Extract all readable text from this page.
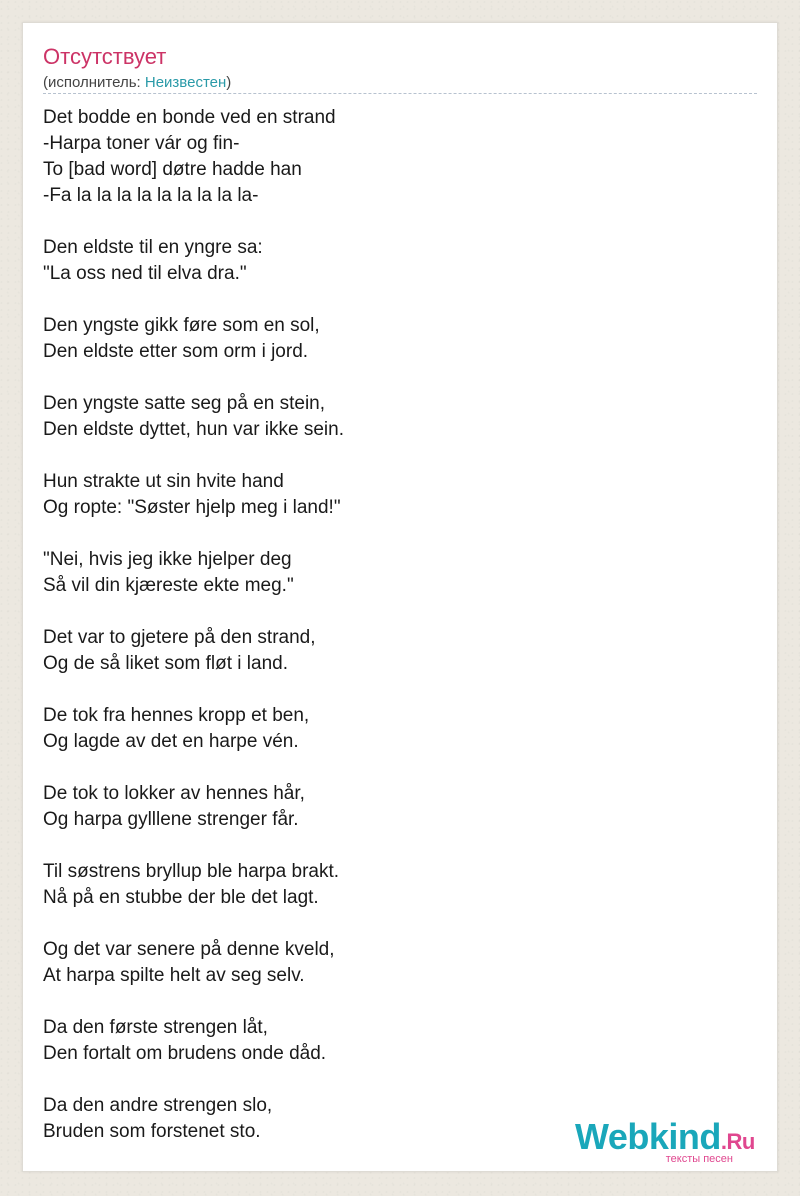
Отсутствует
(исполнитель: Неизвестен)
Det bodde en bonde ved en strand
-Harpa toner vár og fin-
To [bad word] døtre hadde han
-Fa la la la la la la la la la-
Den eldste til en yngre sa:
"La oss ned til elva dra."
Den yngste gikk føre som en sol,
Den eldste etter som orm i jord.
Den yngste satte seg på en stein,
Den eldste dyttet, hun var ikke sein.
Hun strakte ut sin hvite hand
Og ropte: "Søster hjelp meg i land!"
"Nei, hvis jeg ikke hjelper deg
Så vil din kjæreste ekte meg."
Det var to gjetere på den strand,
Og de så liket som fløt i land.
De tok fra hennes kropp et ben,
Og lagde av det en harpe vén.
De tok to lokker av hennes hår,
Og harpa gylllene strenger får.
Til søstrens bryllup ble harpa brakt.
Nå på en stubbe der ble det lagt.
Og det var senere på denne kveld,
At harpa spilte helt av seg selv.
Da den første strengen låt,
Den fortalt om brudens onde dåd.
Da den andre strengen slo,
Bruden som forstenet sto.	Webkind.Ru
тексты песен
